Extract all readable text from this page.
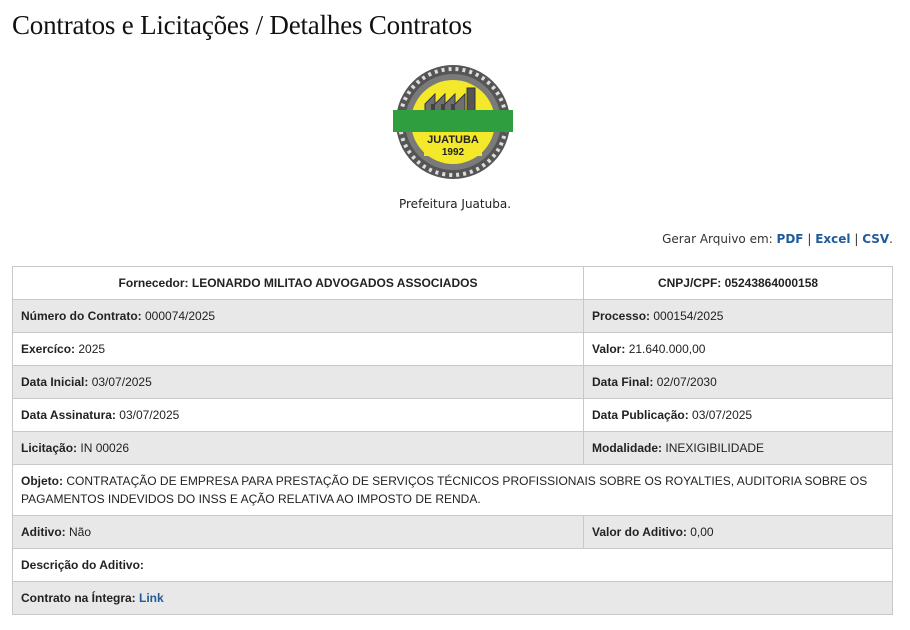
Contratos e Licitações / Detalhes Contratos
JUATUBA
1992
Prefeitura Juatuba.
Gerar Arquivo em: PDF | Excel | CSV.
Fornecedor: LEONARDO MILITAO ADVOGADOS ASSOCIADOS	CNPJ/CPF: 05243864000158
Número do Contrato: 000074/2025	Processo: 000154/2025
Exercíco: 2025	Valor: 21.640.000,00
Data Inicial: 03/07/2025	Data Final: 02/07/2030
Data Assinatura: 03/07/2025	Data Publicação: 03/07/2025
Licitação: IN 00026	Modalidade: INEXIGIBILIDADE
Objeto: CONTRATAÇÃO DE EMPRESA PARA PRESTAÇÃO DE SERVIÇOS TÉCNICOS PROFISSIONAIS SOBRE OS ROYALTIES, AUDITORIA SOBRE OS PAGAMENTOS INDEVIDOS DO INSS E AÇÃO RELATIVA AO IMPOSTO DE RENDA.	
Aditivo: Não	Valor do Aditivo: 0,00
Descrição do Aditivo:	
Contrato na Íntegra: Link	
